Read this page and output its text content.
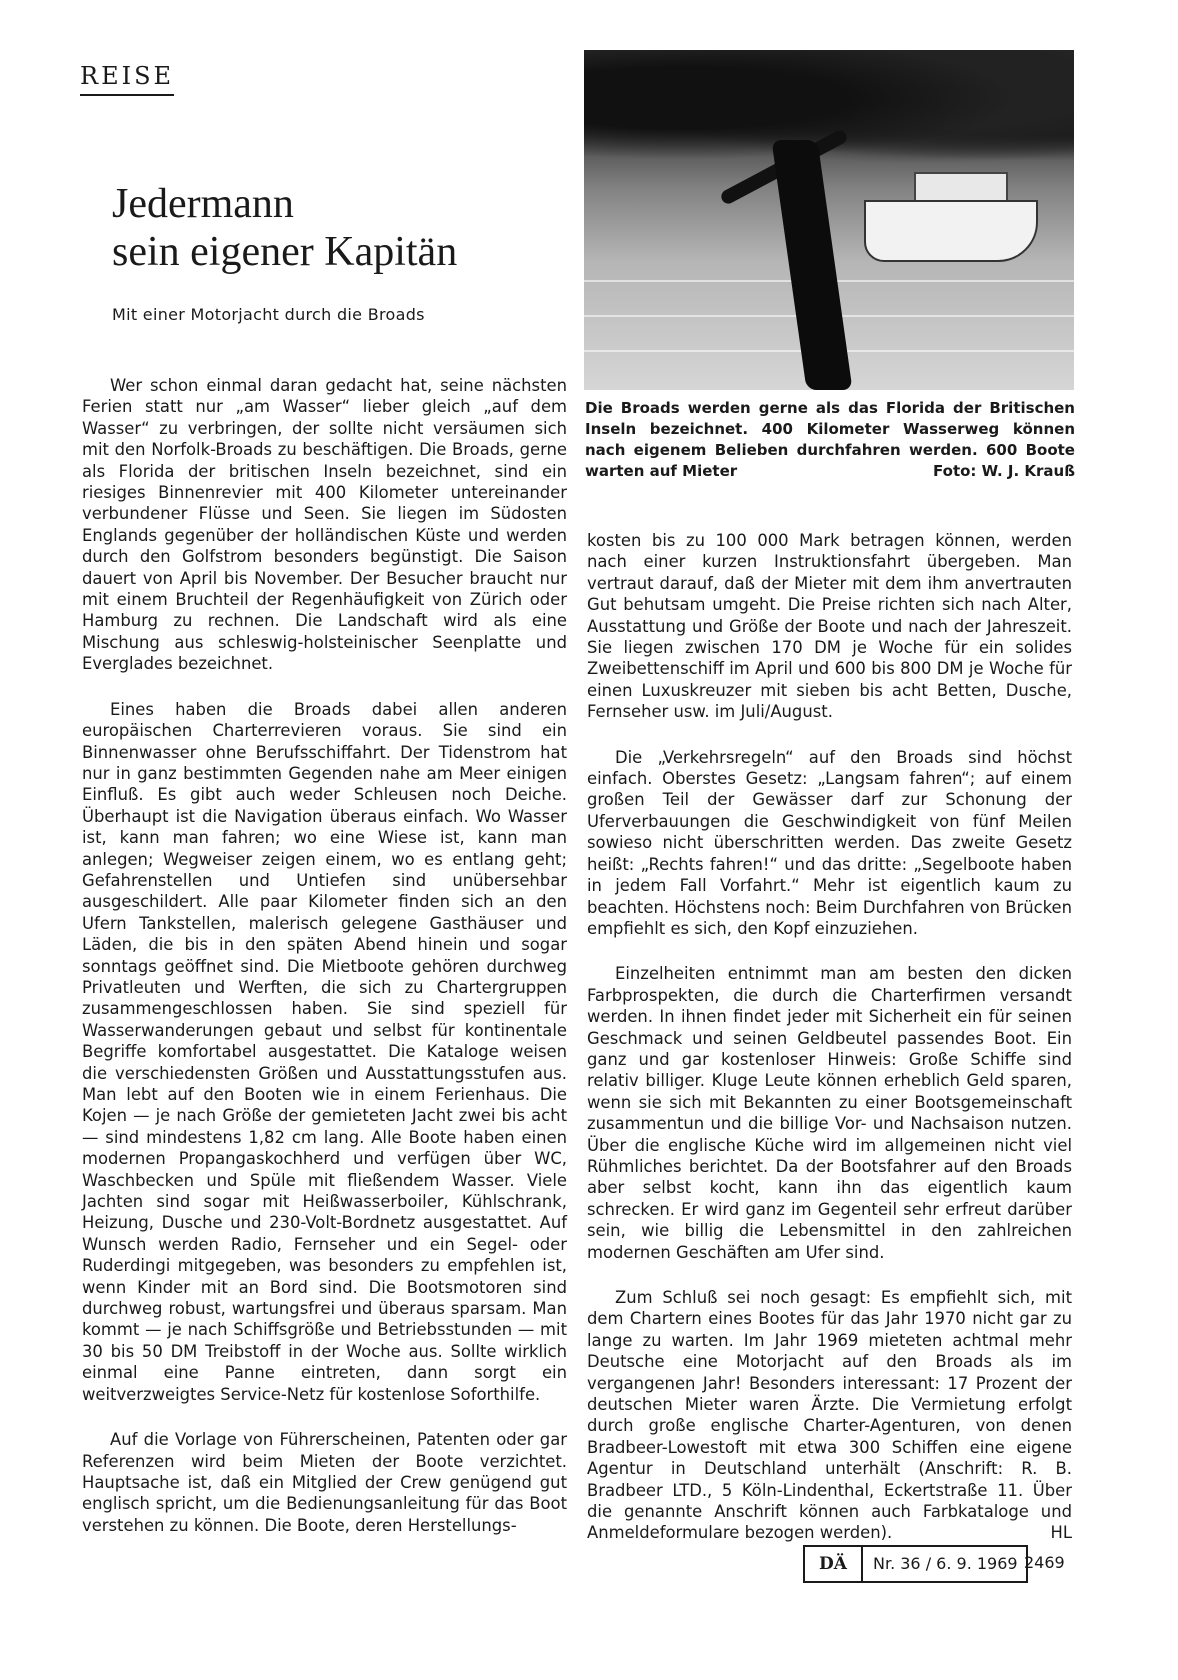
REISE
Jedermann
sein eigener Kapitän
Mit einer Motorjacht durch die Broads
Die Broads werden gerne als das Florida der Britischen Inseln bezeichnet. 400 Kilometer Wasserweg können nach eigenem Belieben durchfahren werden. 600 Boote warten auf Mieter	Foto: W. J. Krauß

Wer schon einmal daran gedacht hat, seine nächsten Ferien statt nur „am Wasser“ lieber gleich „auf dem Wasser“ zu verbringen, der sollte nicht versäumen sich mit den Norfolk-Broads zu beschäftigen. Die Broads, gerne als Florida der britischen Inseln bezeichnet, sind ein riesiges Binnenrevier mit 400 Kilometer untereinander verbundener Flüsse und Seen. Sie liegen im Südosten Englands gegenüber der holländischen Küste und werden durch den Golfstrom besonders begünstigt. Die Saison dauert von April bis November. Der Besucher braucht nur mit einem Bruchteil der Regenhäufigkeit von Zürich oder Hamburg zu rechnen. Die Landschaft wird als eine Mischung aus schleswig-holsteinischer Seenplatte und Everglades bezeichnet.

Eines haben die Broads dabei allen anderen europäischen Charterrevieren voraus. Sie sind ein Binnenwasser ohne Berufsschiffahrt. Der Tidenstrom hat nur in ganz bestimmten Gegenden nahe am Meer einigen Einfluß. Es gibt auch weder Schleusen noch Deiche. Überhaupt ist die Navigation überaus einfach. Wo Wasser ist, kann man fahren; wo eine Wiese ist, kann man anlegen; Wegweiser zeigen einem, wo es entlang geht; Gefahrenstellen und Untiefen sind unübersehbar ausgeschildert. Alle paar Kilometer finden sich an den Ufern Tankstellen, malerisch gelegene Gasthäuser und Läden, die bis in den späten Abend hinein und sogar sonntags geöffnet sind. Die Mietboote gehören durchweg Privatleuten und Werften, die sich zu Chartergruppen zusammengeschlossen haben. Sie sind speziell für Wasserwanderungen gebaut und selbst für kontinentale Begriffe komfortabel ausgestattet. Die Kataloge weisen die verschiedensten Größen und Ausstattungsstufen aus. Man lebt auf den Booten wie in einem Ferienhaus. Die Kojen — je nach Größe der gemieteten Jacht zwei bis acht — sind mindestens 1,82 cm lang. Alle Boote haben einen modernen Propangaskochherd und verfügen über WC, Waschbecken und Spüle mit fließendem Wasser. Viele Jachten sind sogar mit Heißwasserboiler, Kühlschrank, Heizung, Dusche und 230-Volt-Bordnetz ausgestattet. Auf Wunsch werden Radio, Fernseher und ein Segel- oder Ruderdingi mitgegeben, was besonders zu empfehlen ist, wenn Kinder mit an Bord sind. Die Bootsmotoren sind durchweg robust, wartungsfrei und überaus sparsam. Man kommt — je nach Schiffsgröße und Betriebsstunden — mit 30 bis 50 DM Treibstoff in der Woche aus. Sollte wirklich einmal eine Panne eintreten, dann sorgt ein weitverzweigtes Service-Netz für kostenlose Soforthilfe.

Auf die Vorlage von Führerscheinen, Patenten oder gar Referenzen wird beim Mieten der Boote verzichtet. Hauptsache ist, daß ein Mitglied der Crew genügend gut englisch spricht, um die Bedienungsanleitung für das Boot verstehen zu können. Die Boote, deren Herstellungs-

kosten bis zu 100 000 Mark betragen können, werden nach einer kurzen Instruktionsfahrt übergeben. Man vertraut darauf, daß der Mieter mit dem ihm anvertrauten Gut behutsam umgeht. Die Preise richten sich nach Alter, Ausstattung und Größe der Boote und nach der Jahreszeit. Sie liegen zwischen 170 DM je Woche für ein solides Zweibettenschiff im April und 600 bis 800 DM je Woche für einen Luxuskreuzer mit sieben bis acht Betten, Dusche, Fernseher usw. im Juli/August.

Die „Verkehrsregeln“ auf den Broads sind höchst einfach. Oberstes Gesetz: „Langsam fahren“; auf einem großen Teil der Gewässer darf zur Schonung der Uferverbauungen die Geschwindigkeit von fünf Meilen sowieso nicht überschritten werden. Das zweite Gesetz heißt: „Rechts fahren!“ und das dritte: „Segelboote haben in jedem Fall Vorfahrt.“ Mehr ist eigentlich kaum zu beachten. Höchstens noch: Beim Durchfahren von Brücken empfiehlt es sich, den Kopf einzuziehen.

Einzelheiten entnimmt man am besten den dicken Farbprospekten, die durch die Charterfirmen versandt werden. In ihnen findet jeder mit Sicherheit ein für seinen Geschmack und seinen Geldbeutel passendes Boot. Ein ganz und gar kostenloser Hinweis: Große Schiffe sind relativ billiger. Kluge Leute können erheblich Geld sparen, wenn sie sich mit Bekannten zu einer Bootsgemeinschaft zusammentun und die billige Vor- und Nachsaison nutzen. Über die englische Küche wird im allgemeinen nicht viel Rühmliches berichtet. Da der Bootsfahrer auf den Broads aber selbst kocht, kann ihn das eigentlich kaum schrecken. Er wird ganz im Gegenteil sehr erfreut darüber sein, wie billig die Lebensmittel in den zahlreichen modernen Geschäften am Ufer sind.

Zum Schluß sei noch gesagt: Es empfiehlt sich, mit dem Chartern eines Bootes für das Jahr 1970 nicht gar zu lange zu warten. Im Jahr 1969 mieteten achtmal mehr Deutsche eine Motorjacht auf den Broads als im vergangenen Jahr! Besonders interessant: 17 Prozent der deutschen Mieter waren Ärzte. Die Vermietung erfolgt durch große englische Charter-Agenturen, von denen Bradbeer-Lowestoft mit etwa 300 Schiffen eine eigene Agentur in Deutschland unterhält (Anschrift: R. B. Bradbeer LTD., 5 Köln-Lindenthal, Eckertstraße 11. Über die genannte Anschrift können auch Farbkataloge und Anmeldeformulare bezogen werden).	HL

DÄ	Nr. 36 / 6. 9. 1969 2469
